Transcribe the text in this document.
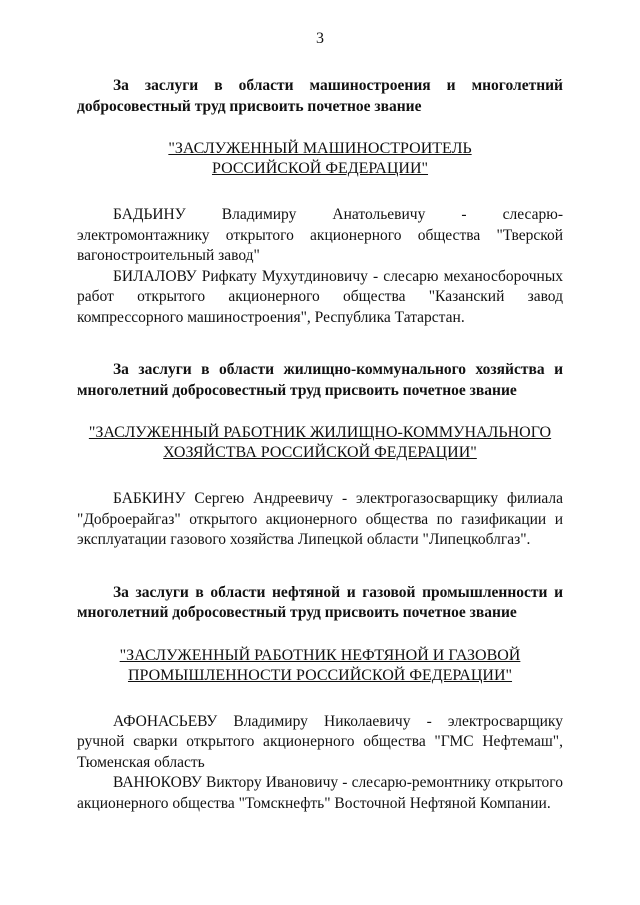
3

За заслуги в области машиностроения и многолетний добросовестный труд присвоить почетное звание

"ЗАСЛУЖЕННЫЙ МАШИНОСТРОИТЕЛЬ
РОССИЙСКОЙ ФЕДЕРАЦИИ"

БАДЬИНУ Владимиру Анатольевичу - слесарю-электромонтажнику открытого акционерного общества "Тверской вагоностроительный завод"

БИЛАЛОВУ Рифкату Мухутдиновичу - слесарю механосборочных работ открытого акционерного общества "Казанский завод компрессорного машиностроения", Республика Татарстан.

За заслуги в области жилищно-коммунального хозяйства и многолетний добросовестный труд присвоить почетное звание

"ЗАСЛУЖЕННЫЙ РАБОТНИК ЖИЛИЩНО-КОММУНАЛЬНОГО
ХОЗЯЙСТВА РОССИЙСКОЙ ФЕДЕРАЦИИ"

БАБКИНУ Сергею Андреевичу - электрогазосварщику филиала "Доброерайгаз" открытого акционерного общества по газификации и эксплуатации газового хозяйства Липецкой области "Липецкоблгаз".

За заслуги в области нефтяной и газовой промышленности и многолетний добросовестный труд присвоить почетное звание

"ЗАСЛУЖЕННЫЙ РАБОТНИК НЕФТЯНОЙ И ГАЗОВОЙ
ПРОМЫШЛЕННОСТИ РОССИЙСКОЙ ФЕДЕРАЦИИ"

АФОНАСЬЕВУ Владимиру Николаевичу - электросварщику ручной сварки открытого акционерного общества "ГМС Нефтемаш", Тюменская область

ВАНЮКОВУ Виктору Ивановичу - слесарю-ремонтнику открытого акционерного общества "Томскнефть" Восточной Нефтяной Компании.
